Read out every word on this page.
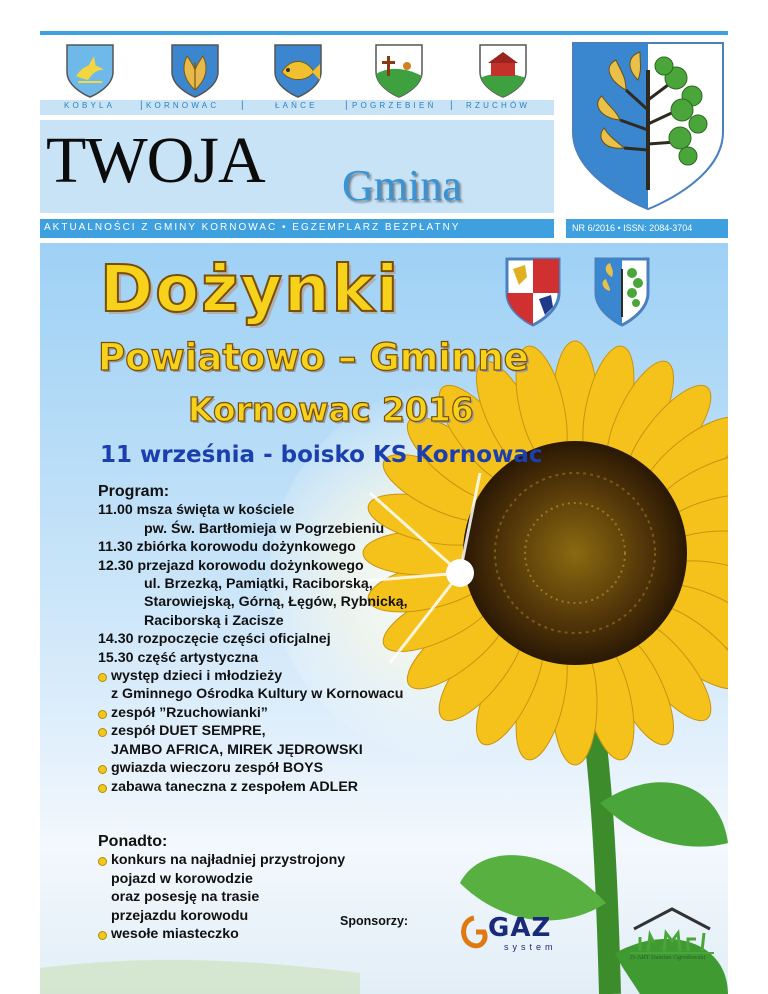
KOBYLA	KORNOWAC	ŁAŃCE	POGRZEBIEŃ	RZUCHÓW
|	|	|	|
TWOJA Gmina
AKTUALNOŚCI Z GMINY KORNOWAC • EGZEMPLARZ BEZPŁATNY	NR 6/2016 • ISSN: 2084-3704
Dożynki
Powiatowo – Gminne
Kornowac 2016
11 września - boisko KS Kornowac
Program:
11.00 msza święta w kościele
pw. Św. Bartłomieja w Pogrzebieniu
11.30 zbiórka korowodu dożynkowego
12.30 przejazd korowodu dożynkowego
ul. Brzezką, Pamiątki, Raciborską,
Starowiejską, Górną, Łęgów, Rybnicką,
Raciborską i Zacisze
14.30 rozpoczęcie części oficjalnej
15.30 część artystyczna
występ dzieci i młodzieży
z Gminnego Ośrodka Kultury w Kornowacu
zespół ”Rzuchowianki”
zespół DUET SEMPRE,
JAMBO AFRICA, MIREK JĘDROWSKI
gwiazda wieczoru zespół BOYS
zabawa taneczna z zespołem ADLER
Ponadto:
konkurs na najładniej przystrojony
pojazd w korowodzie
oraz posesję na trasie
przejazdu korowodu
wesołe miasteczko
Sponsorzy:	GAZ
system
D-ART Damian Ogrodowski
